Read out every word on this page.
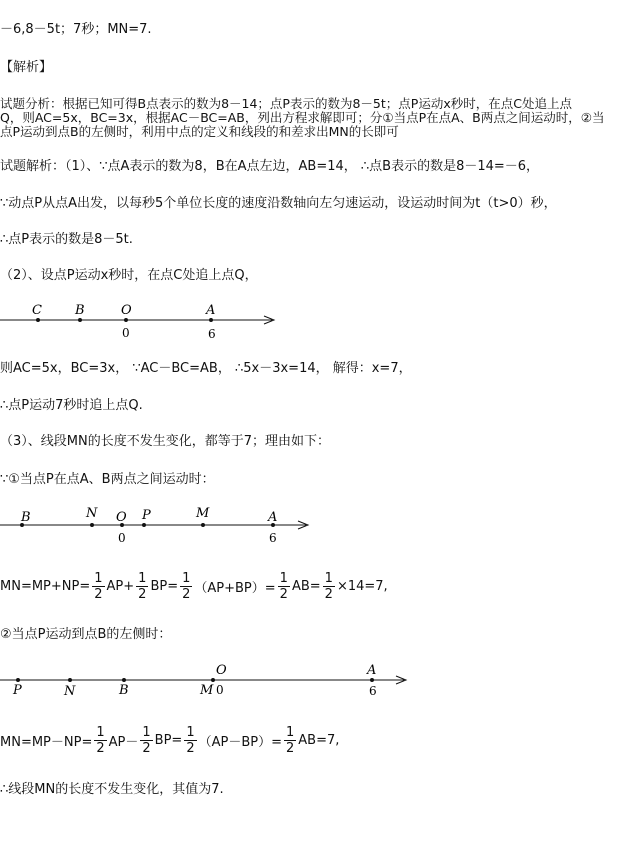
－6,8－5t；7秒；MN=7.
【解析】
试题分析：根据已知可得B点表示的数为8－14；点P表示的数为8－5t；点P运动x秒时，在点C处追上点
Q，则AC=5x，BC=3x，根据AC－BC=AB，列出方程求解即可；分①当点P在点A、B两点之间运动时，②当
点P运动到点B的左侧时，利用中点的定义和线段的和差求出MN的长即可
试题解析：（1）、∵点A表示的数为8，B在A点左边，AB=14， ∴点B表示的数是8－14=－6，
∵动点P从点A出发，以每秒5个单位长度的速度沿数轴向左匀速运动，设运动时间为t（t>0）秒，
∴点P表示的数是8－5t.
（2）、设点P运动x秒时，在点C处追上点Q，
C	B	O	A
0	6
则AC=5x，BC=3x， ∵AC－BC=AB， ∴5x－3x=14， 解得：x=7，
∴点P运动7秒时追上点Q.
（3）、线段MN的长度不发生变化，都等于7；理由如下：
∵①当点P在点A、B两点之间运动时：
B	N O P	M	A
0	6
$MN=MP+NP= \frac{1}{2} AP+ \frac{1}{2} BP= \frac{1}{2} (AP+BP)= \frac{1}{2} AB= \frac{1}{2} \times 14=7$,
②当点P运动到点B的左侧时：
P	N	B	M
O	A
0	6
$MN=MP-NP= \frac{1}{2} AP- \frac{1}{2} BP= \frac{1}{2} (AP-BP)= \frac{1}{2} AB=7$,
∴线段MN的长度不发生变化，其值为7.
